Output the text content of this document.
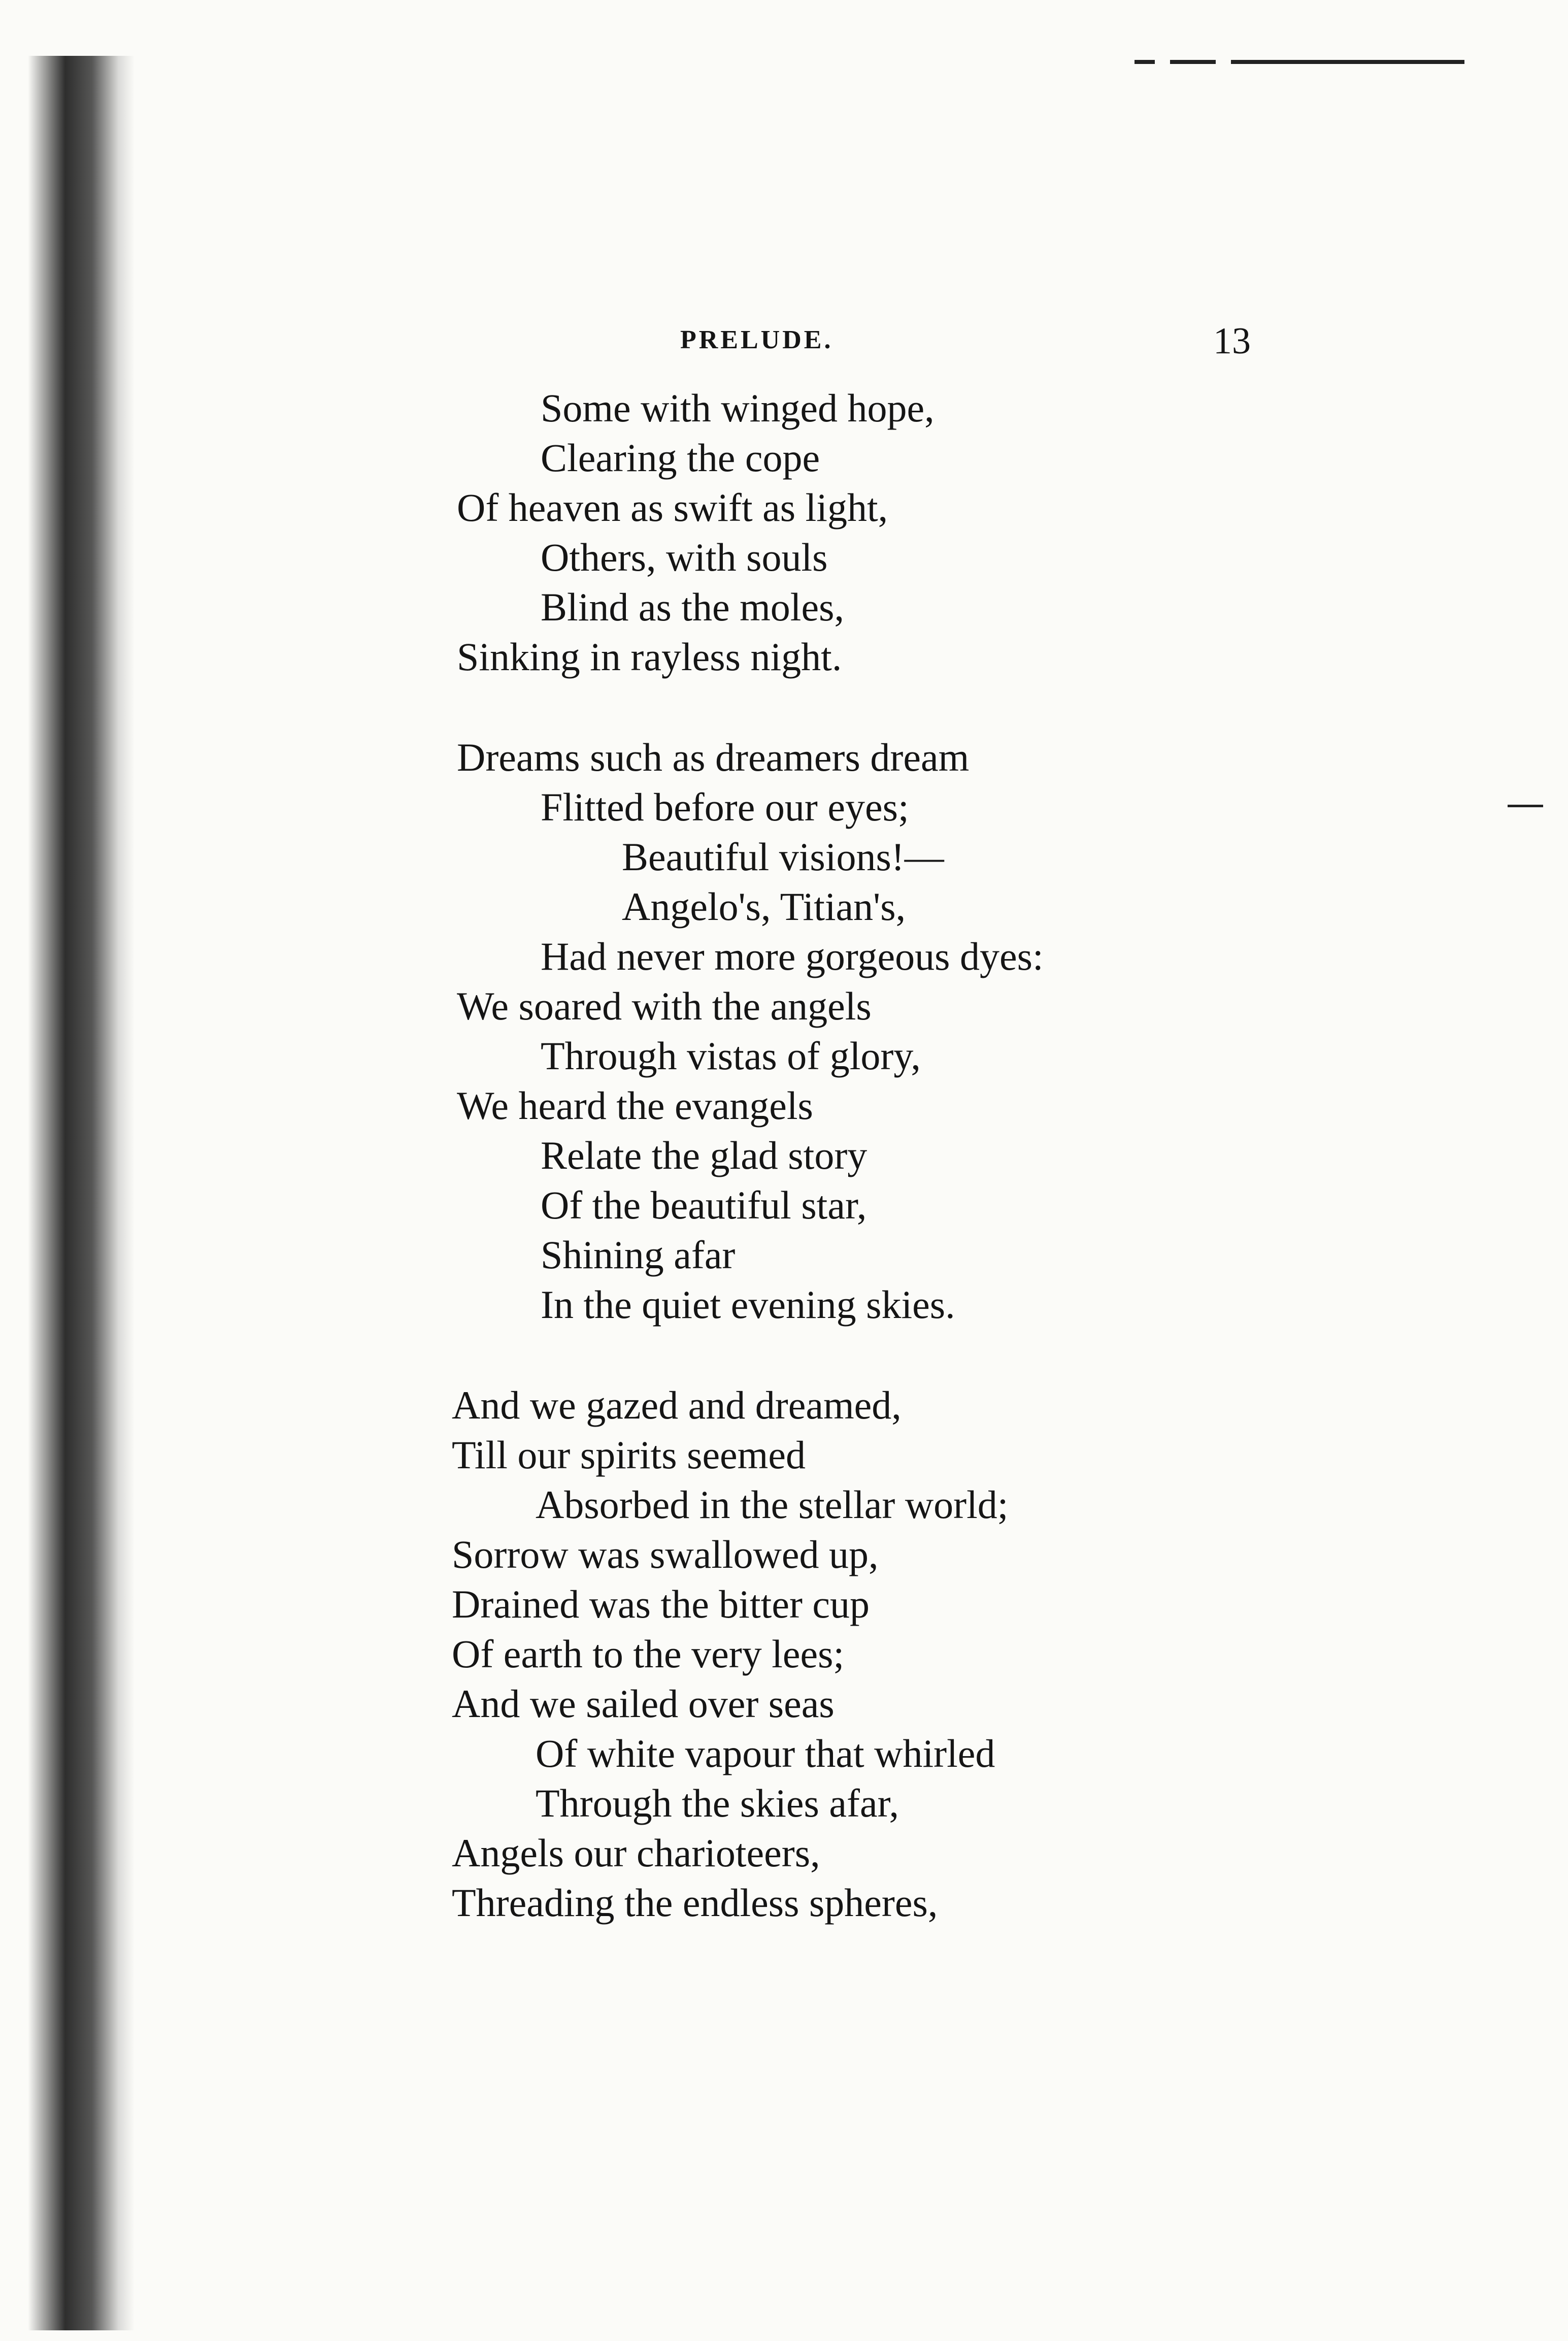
PRELUDE.	13
Some with winged hope,
Clearing the cope
Of heaven as swift as light,
Others, with souls
Blind as the moles,
Sinking in rayless night.
Dreams such as dreamers dream
Flitted before our eyes;
Beautiful visions!—
Angelo's, Titian's,
Had never more gorgeous dyes:
We soared with the angels
Through vistas of glory,
We heard the evangels
Relate the glad story
Of the beautiful star,
Shining afar
In the quiet evening skies.
And we gazed and dreamed,
Till our spirits seemed
Absorbed in the stellar world;
Sorrow was swallowed up,
Drained was the bitter cup
Of earth to the very lees;
And we sailed over seas
Of white vapour that whirled
Through the skies afar,
Angels our charioteers,
Threading the endless spheres,
